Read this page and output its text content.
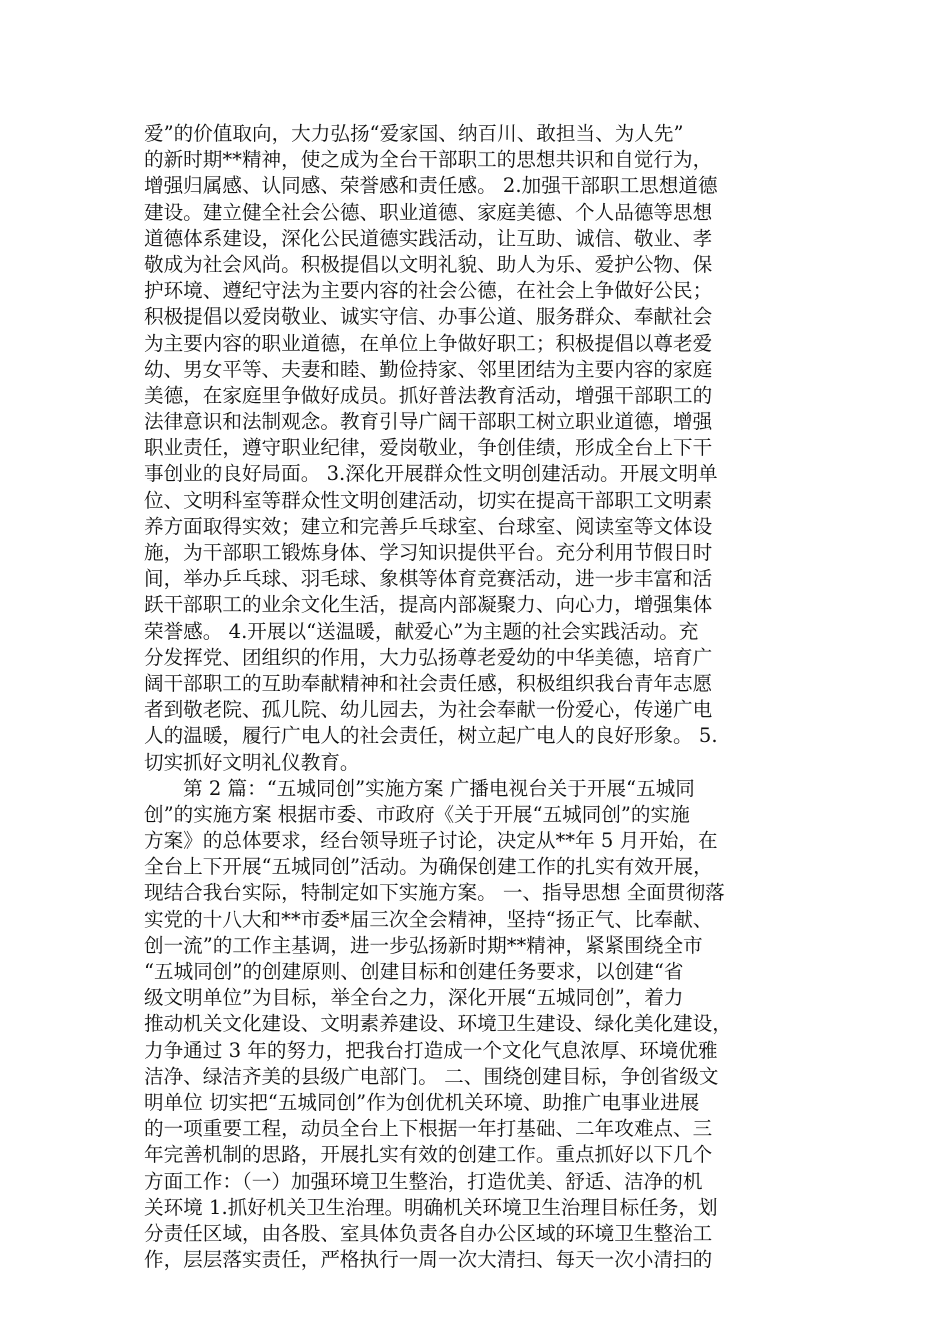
爱”的价值取向，大力弘扬“爱家国、纳百川、敢担当、为人先”
的新时期**精神，使之成为全台干部职工的思想共识和自觉行为，
增强归属感、认同感、荣誉感和责任感。 2.加强干部职工思想道德
建设。建立健全社会公德、职业道德、家庭美德、个人品德等思想
道德体系建设，深化公民道德实践活动，让互助、诚信、敬业、孝
敬成为社会风尚。积极提倡以文明礼貌、助人为乐、爱护公物、保
护环境、遵纪守法为主要内容的社会公德，在社会上争做好公民；
积极提倡以爱岗敬业、诚实守信、办事公道、服务群众、奉献社会
为主要内容的职业道德，在单位上争做好职工；积极提倡以尊老爱
幼、男女平等、夫妻和睦、勤俭持家、邻里团结为主要内容的家庭
美德，在家庭里争做好成员。抓好普法教育活动，增强干部职工的
法律意识和法制观念。教育引导广阔干部职工树立职业道德，增强
职业责任，遵守职业纪律，爱岗敬业，争创佳绩，形成全台上下干
事创业的良好局面。 3.深化开展群众性文明创建活动。开展文明单
位、文明科室等群众性文明创建活动，切实在提高干部职工文明素
养方面取得实效；建立和完善乒乓球室、台球室、阅读室等文体设
施，为干部职工锻炼身体、学习知识提供平台。充分利用节假日时
间，举办乒乓球、羽毛球、象棋等体育竞赛活动，进一步丰富和活
跃干部职工的业余文化生活，提高内部凝聚力、向心力，增强集体
荣誉感。 4.开展以“送温暖，献爱心”为主题的社会实践活动。充
分发挥党、团组织的作用，大力弘扬尊老爱幼的中华美德，培育广
阔干部职工的互助奉献精神和社会责任感，积极组织我台青年志愿
者到敬老院、孤儿院、幼儿园去，为社会奉献一份爱心，传递广电
人的温暖，履行广电人的社会责任，树立起广电人的良好形象。 5.
切实抓好文明礼仪教育。
第 2 篇：“五城同创”实施方案 广播电视台关于开展“五城同
创”的实施方案 根据市委、市政府《关于开展“五城同创”的实施
方案》的总体要求，经台领导班子讨论，决定从**年 5 月开始，在
全台上下开展“五城同创”活动。为确保创建工作的扎实有效开展，
现结合我台实际，特制定如下实施方案。 一、指导思想 全面贯彻落
实党的十八大和**市委*届三次全会精神，坚持“扬正气、比奉献、
创一流”的工作主基调，进一步弘扬新时期**精神，紧紧围绕全市
“五城同创”的创建原则、创建目标和创建任务要求，以创建“省
级文明单位”为目标，举全台之力，深化开展“五城同创”，着力
推动机关文化建设、文明素养建设、环境卫生建设、绿化美化建设，
力争通过 3 年的努力，把我台打造成一个文化气息浓厚、环境优雅
洁净、绿洁齐美的县级广电部门。 二、围绕创建目标，争创省级文
明单位 切实把“五城同创”作为创优机关环境、助推广电事业进展
的一项重要工程，动员全台上下根据一年打基础、二年攻难点、三
年完善机制的思路，开展扎实有效的创建工作。重点抓好以下几个
方面工作：（一）加强环境卫生整治，打造优美、舒适、洁净的机
关环境 1.抓好机关卫生治理。明确机关环境卫生治理目标任务，划
分责任区域，由各股、室具体负责各自办公区域的环境卫生整治工
作，层层落实责任，严格执行一周一次大清扫、每天一次小清扫的
